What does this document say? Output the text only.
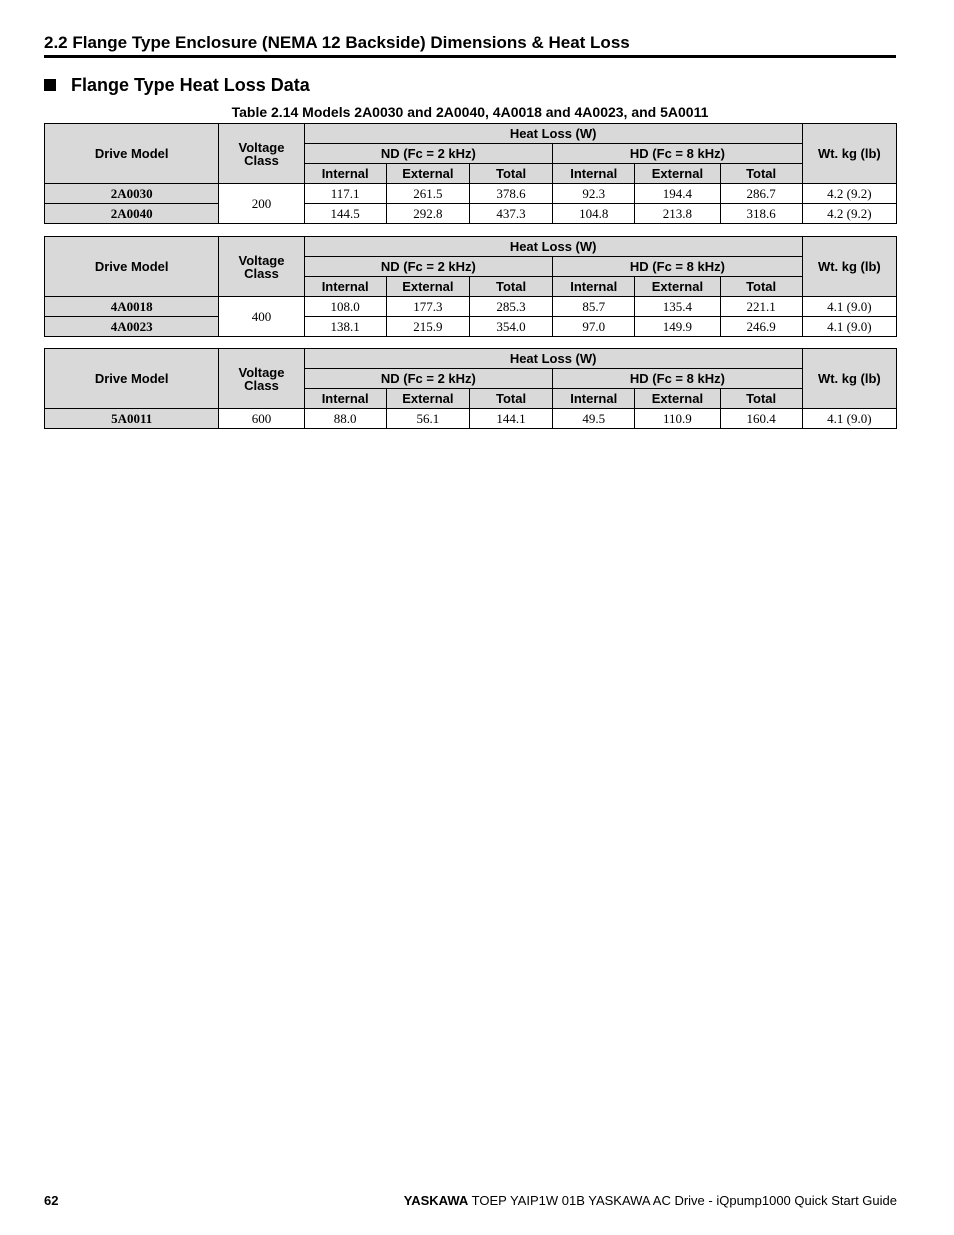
2.2 Flange Type Enclosure (NEMA 12 Backside) Dimensions & Heat Loss
Flange Type Heat Loss Data
Table 2.14 Models 2A0030 and 2A0040, 4A0018 and 4A0023, and 5A0011
Drive Model	Voltage Class	Heat Loss (W)						Wt. kg (lb)
		ND (Fc = 2 kHz)			HD (Fc = 8 kHz)			
		Internal	External	Total	Internal	External	Total	
2A0030	200	117.1	261.5	378.6	92.3	194.4	286.7	4.2 (9.2)
2A0040		144.5	292.8	437.3	104.8	213.8	318.6	4.2 (9.2)
Drive Model	Voltage Class	Heat Loss (W)						Wt. kg (lb)
		ND (Fc = 2 kHz)			HD (Fc = 8 kHz)			
		Internal	External	Total	Internal	External	Total	
4A0018	400	108.0	177.3	285.3	85.7	135.4	221.1	4.1 (9.0)
4A0023		138.1	215.9	354.0	97.0	149.9	246.9	4.1 (9.0)
Drive Model	Voltage Class	Heat Loss (W)						Wt. kg (lb)
		ND (Fc = 2 kHz)			HD (Fc = 8 kHz)			
		Internal	External	Total	Internal	External	Total	
5A0011	600	88.0	56.1	144.1	49.5	110.9	160.4	4.1 (9.0)
62	YASKAWA TOEP YAIP1W 01B YASKAWA AC Drive - iQpump1000 Quick Start Guide
